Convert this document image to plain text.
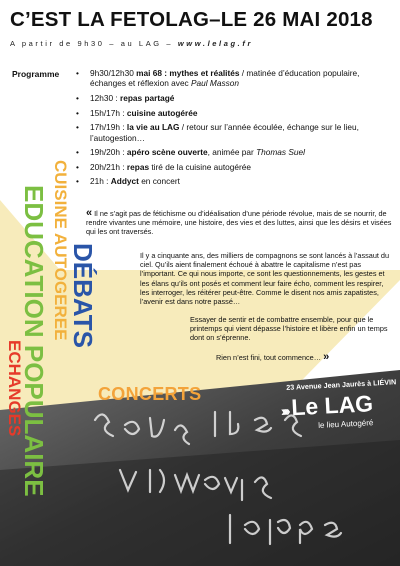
C’EST LA FETOLAG–LE 26 MAI 2018
A partir de 9h30 – au LAG – www.lelag.fr
Programme
•	9h30/12h30 mai 68 : mythes et réalités / matinée d’éducation populaire, échanges et réflexion avec Paul Masson
• 12h30 : repas partagé
• 15h/17h : cuisine autogérée
• 17h/19h : la vie au LAG / retour sur l’année écoulée, échange sur le lieu, l’autogestion…
• 19h/20h : apéro scène ouverte, animée par Thomas Suel
• 20h/21h : repas tiré de la cuisine autogérée
• 21h : Addyct en concert
ECHANGES
EDUCATION POPULAIRE CUISINE AUTOGEREE
DÉBATS
« Il ne s’agit pas de fétichisme ou d’idéalisation d’une période révolue, mais de se nourrir, de rendre vivantes une mémoire, une histoire, des vies et des luttes, ainsi que les désirs et visées qui les ont traversés.
Il y a cinquante ans, des milliers de compagnons se sont lancés à l’assaut du ciel. Qu’ils aient finalement échoué à abattre le capitalisme n’est pas l’important. Ce qui nous importe, ce sont les questionnements, les gestes et les élans qu’ils ont posés et comment leur faire écho, comment les respirer, les interroger, les réitérer peut-être. Comme le disent nos amis zapatistes, l’avenir est dans notre passé…
Essayer de sentir et de combattre ensemble, pour que le printemps qui vient dépasse l’histoire et libère enfin un temps dont on s’éprenne.
Rien n’est fini, tout commence… »
CONCERTS	23 Avenue Jean Jaurès à LIÉVIN
›››› Le LAG
le lieu Autogéré
